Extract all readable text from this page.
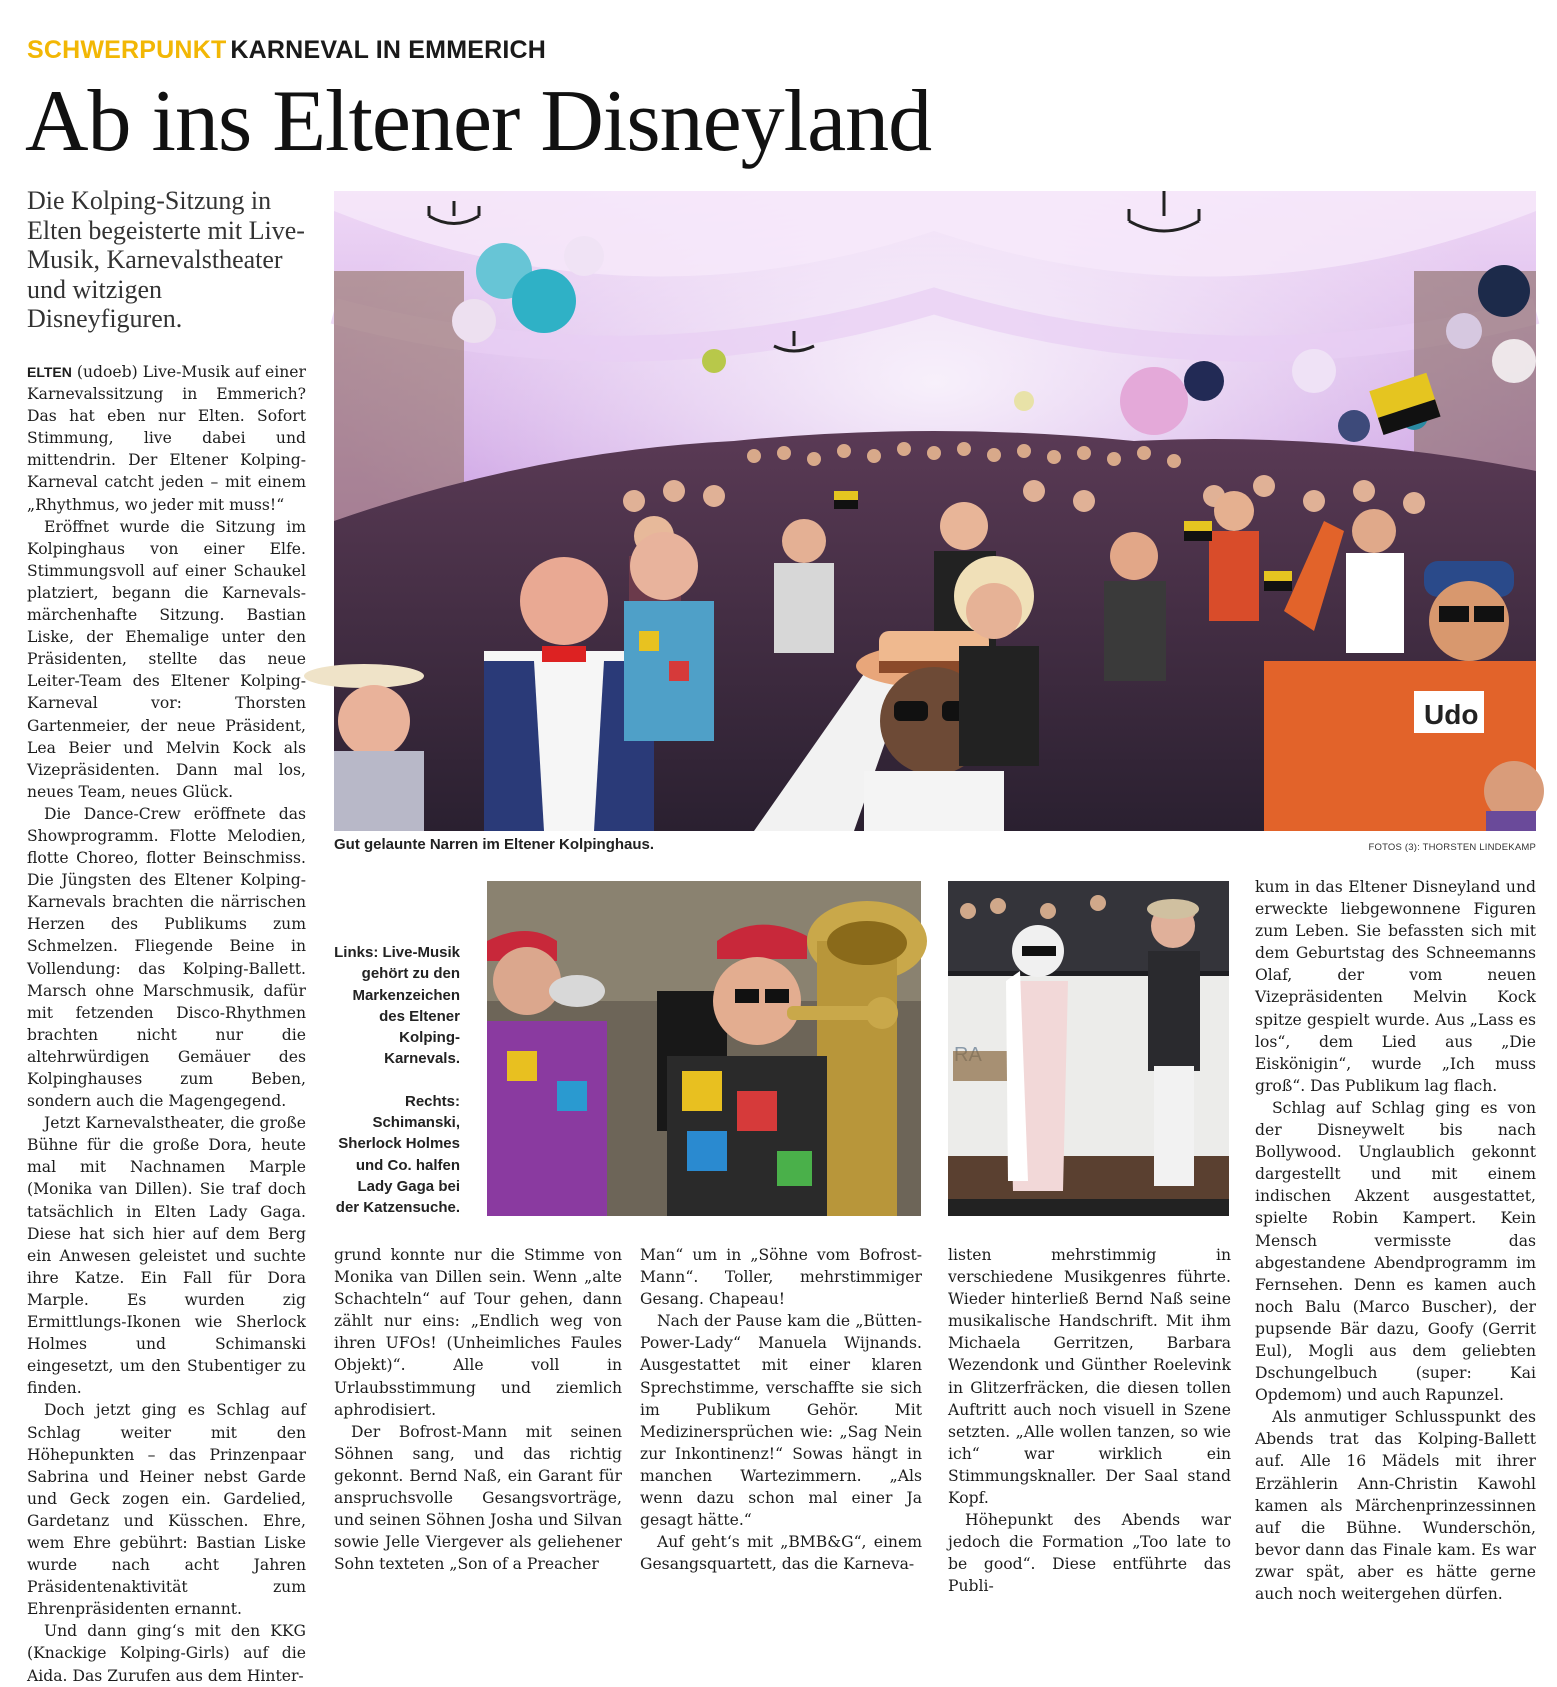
SCHWERPUNKT KARNEVAL IN EMMERICH
Ab ins Eltener Disneyland
Die Kolping-Sitzung in Elten begeisterte mit Live-Musik, Karnevalstheater und witzigen Disneyfiguren.
Udo
Gut gelaunte Narren im Eltener Kolpinghaus.	FOTOS (3): THORSTEN LINDEKAMP
Links: Live-Musik gehört zu den Markenzeichen des Eltener Kolping-Karnevals.
Rechts: Schimanski, Sherlock Holmes und Co. halfen Lady Gaga bei der Katzensuche.

ELTEN (udoeb) Live-Musik auf einer Karnevalssitzung in Emmerich? Das hat eben nur Elten. Sofort Stimmung, live dabei und mittendrin. Der Eltener Kolping-Karneval catcht jeden – mit einem „Rhythmus, wo jeder mit muss!“

Eröffnet wurde die Sitzung im Kolpinghaus von einer Elfe. Stimmungsvoll auf einer Schaukel platziert, begann die Karnevals-märchenhafte Sitzung. Bastian Liske, der Ehemalige unter den Präsidenten, stellte das neue Leiter-Team des Eltener Kolping-Karneval vor: Thorsten Gartenmeier, der neue Präsident, Lea Beier und Melvin Kock als Vizepräsidenten. Dann mal los, neues Team, neues Glück.

Die Dance-Crew eröffnete das Showprogramm. Flotte Melodien, flotte Choreo, flotter Beinschmiss. Die Jüngsten des Eltener Kolping-Karnevals brachten die närrischen Herzen des Publikums zum Schmelzen. Fliegende Beine in Vollendung: das Kolping-Ballett. Marsch ohne Marschmusik, dafür mit fetzenden Disco-Rhythmen brachten nicht nur die altehrwürdigen Gemäuer des Kolpinghauses zum Beben, sondern auch die Magengegend.

Jetzt Karnevalstheater, die große Bühne für die große Dora, heute mal mit Nachnamen Marple (Monika van Dillen). Sie traf doch tatsächlich in Elten Lady Gaga. Diese hat sich hier auf dem Berg ein Anwesen geleistet und suchte ihre Katze. Ein Fall für Dora Marple. Es wurden zig Ermittlungs-Ikonen wie Sherlock Holmes und Schimanski eingesetzt, um den Stubentiger zu finden.

Doch jetzt ging es Schlag auf Schlag weiter mit den Höhepunkten – das Prinzenpaar Sabrina und Heiner nebst Garde und Geck zogen ein. Gardelied, Gardetanz und Küsschen. Ehre, wem Ehre gebührt: Bastian Liske wurde nach acht Jahren Präsidentenaktivität zum Ehrenpräsidenten ernannt.

Und dann ging‘s mit den KKG (Knackige Kolping-Girls) auf die Aida. Das Zurufen aus dem Hinter-

grund konnte nur die Stimme von Monika van Dillen sein. Wenn „alte Schachteln“ auf Tour gehen, dann zählt nur eins: „Endlich weg von ihren UFOs! (Unheimliches Faules Objekt)“. Alle voll in Urlaubsstimmung und ziemlich aphrodisiert.

Der Bofrost-Mann mit seinen Söhnen sang, und das richtig gekonnt. Bernd Naß, ein Garant für anspruchsvolle Gesangsvorträge, und seinen Söhnen Josha und Silvan sowie Jelle Viergever als geliehener Sohn texteten „Son of a Preacher

Man“ um in „Söhne vom Bofrost-Mann“. Toller, mehrstimmiger Gesang. Chapeau!

Nach der Pause kam die „Bütten-Power-Lady“ Manuela Wijnands. Ausgestattet mit einer klaren Sprechstimme, verschaffte sie sich im Publikum Gehör. Mit Medizinersprüchen wie: „Sag Nein zur Inkontinenz!“ Sowas hängt in manchen Wartezimmern. „Als wenn dazu schon mal einer Ja gesagt hätte.“

Auf geht‘s mit „BMB&G“, einem Gesangsquartett, das die Karneva-

listen mehrstimmig in verschiedene Musikgenres führte. Wieder hinterließ Bernd Naß seine musikalische Handschrift. Mit ihm Michaela Gerritzen, Barbara Wezendonk und Günther Roelevink in Glitzerfräcken, die diesen tollen Auftritt auch noch visuell in Szene setzten. „Alle wollen tanzen, so wie ich“ war wirklich ein Stimmungsknaller. Der Saal stand Kopf.

Höhepunkt des Abends war jedoch die Formation „Too late to be good“. Diese entführte das Publi-

kum in das Eltener Disneyland und erweckte liebgewonnene Figuren zum Leben. Sie befassten sich mit dem Geburtstag des Schneemanns Olaf, der vom neuen Vizepräsidenten Melvin Kock spitze gespielt wurde. Aus „Lass es los“, dem Lied aus „Die Eiskönigin“, wurde „Ich muss groß“. Das Publikum lag flach.

Schlag auf Schlag ging es von der Disneywelt bis nach Bollywood. Unglaublich gekonnt dargestellt und mit einem indischen Akzent ausgestattet, spielte Robin Kampert. Kein Mensch vermisste das abgestandene Abendprogramm im Fernsehen. Denn es kamen auch noch Balu (Marco Buscher), der pupsende Bär dazu, Goofy (Gerrit Eul), Mogli aus dem geliebten Dschungelbuch (super: Kai Opdemom) und auch Rapunzel.

Als anmutiger Schlusspunkt des Abends trat das Kolping-Ballett auf. Alle 16 Mädels mit ihrer Erzählerin Ann-Christin Kawohl kamen als Märchenprinzessinnen auf die Bühne. Wunderschön, bevor dann das Finale kam. Es war zwar spät, aber es hätte gerne auch noch weitergehen dürfen.
